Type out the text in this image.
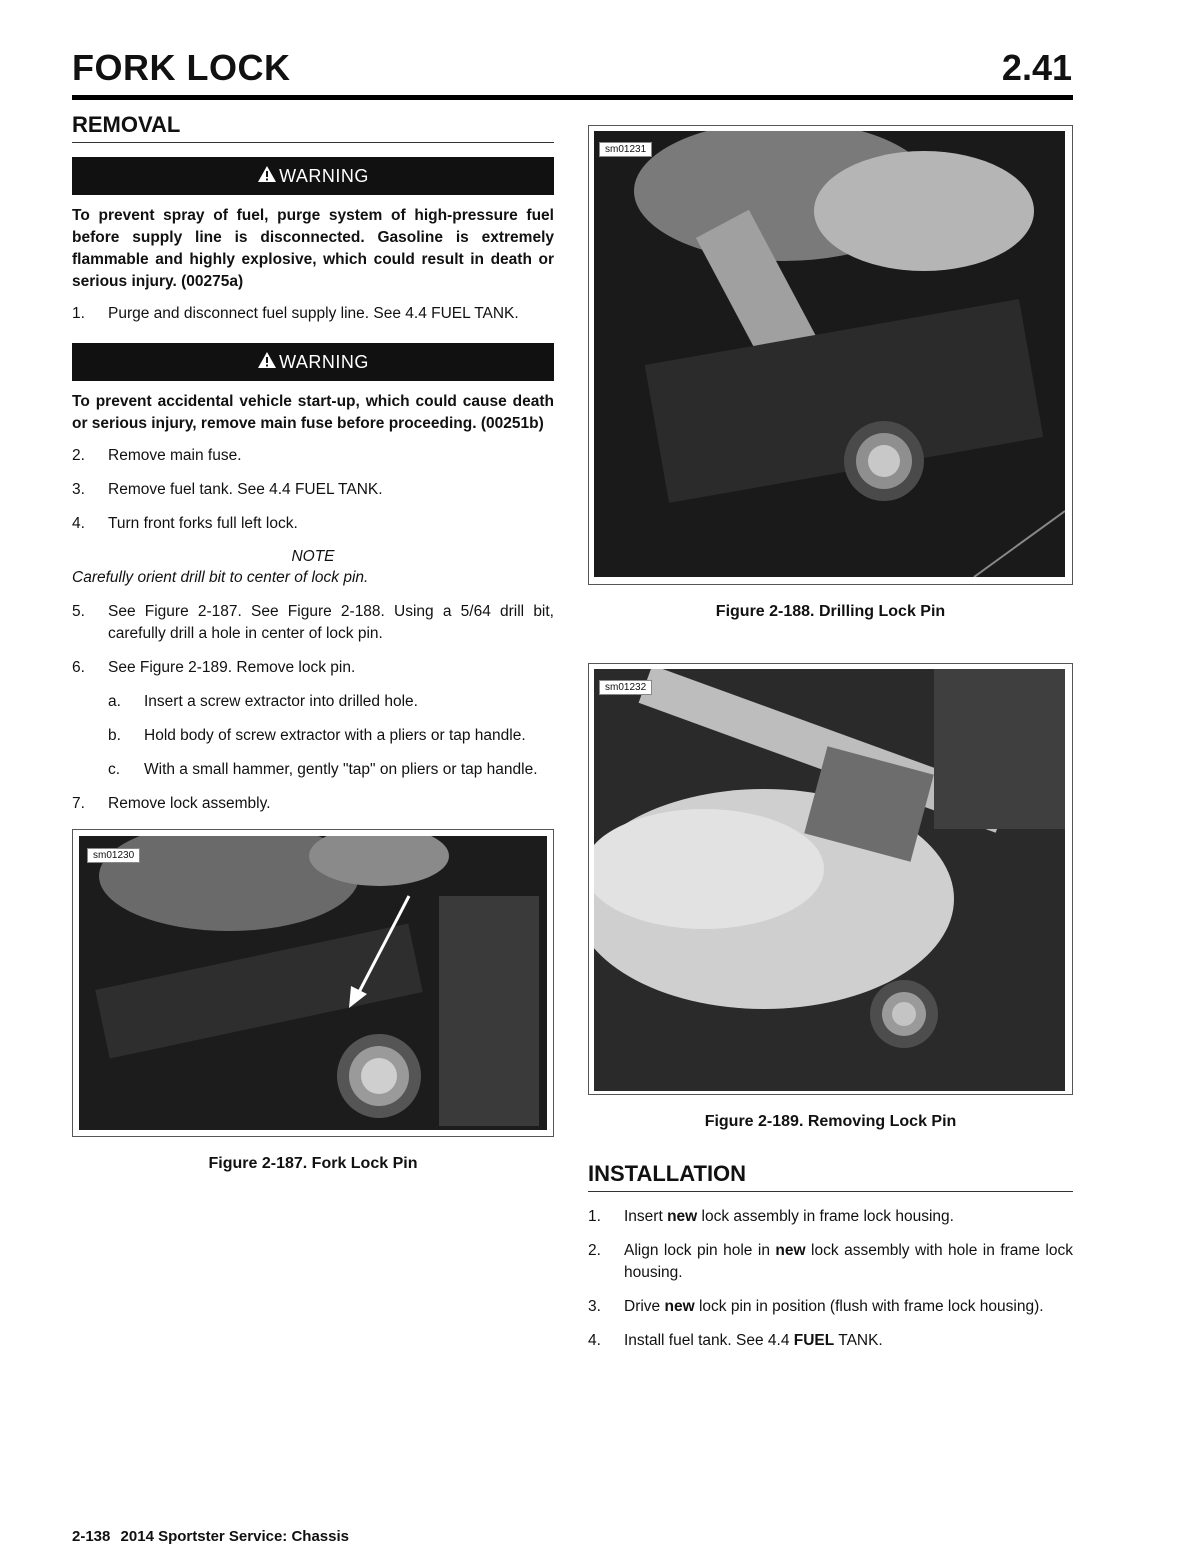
FORK LOCK	2.41
REMOVAL
WARNING
To prevent spray of fuel, purge system of high-pressure fuel before supply line is disconnected. Gasoline is extremely flammable and highly explosive, which could result in death or serious injury. (00275a)
1.	Purge and disconnect fuel supply line. See 4.4 FUEL TANK.
WARNING
To prevent accidental vehicle start-up, which could cause death or serious injury, remove main fuse before proceeding. (00251b)
2.	Remove main fuse.
3.	Remove fuel tank. See 4.4 FUEL TANK.
4.	Turn front forks full left lock.
NOTE
Carefully orient drill bit to center of lock pin.
5.	See Figure 2-187. See Figure 2-188. Using a 5/64 drill bit, carefully drill a hole in center of lock pin.
6.	See Figure 2-189. Remove lock pin.
a.	Insert a screw extractor into drilled hole.
b.	Hold body of screw extractor with a pliers or tap handle.
c.	With a small hammer, gently "tap" on pliers or tap handle.
7.	Remove lock assembly.
sm01230
Figure 2-187. Fork Lock Pin
sm01231
Figure 2-188. Drilling Lock Pin
sm01232
Figure 2-189. Removing Lock Pin
INSTALLATION
1.	Insert new lock assembly in frame lock housing.
2.	Align lock pin hole in new lock assembly with hole in frame lock housing.
3.	Drive new lock pin in position (flush with frame lock housing).
4.	Install fuel tank. See 4.4 FUEL TANK.
2-138 2014 Sportster Service: Chassis
